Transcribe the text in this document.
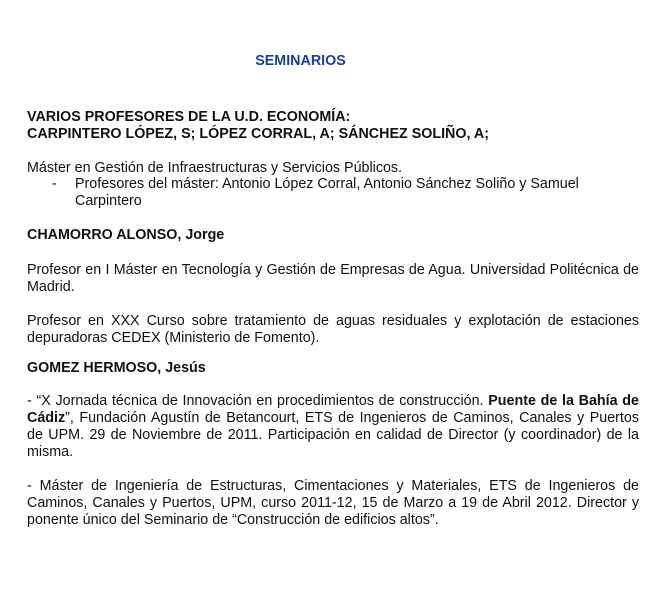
SEMINARIOS
VARIOS PROFESORES DE LA U.D. ECONOMÍA:
CARPINTERO LÓPEZ, S; LÓPEZ CORRAL, A; SÁNCHEZ SOLIÑO, A;
Máster en Gestión de Infraestructuras y Servicios Públicos.
- Profesores del máster: Antonio López Corral, Antonio Sánchez Soliño y Samuel Carpintero
CHAMORRO ALONSO, Jorge
Profesor en I Máster en Tecnología y Gestión de Empresas de Agua. Universidad Politécnica de Madrid.
Profesor en XXX Curso sobre tratamiento de aguas residuales y explotación de estaciones depuradoras CEDEX (Ministerio de Fomento).
GOMEZ HERMOSO, Jesús
- “X Jornada técnica de Innovación en procedimientos de construcción. Puente de la Bahía de Cádiz”, Fundación Agustín de Betancourt, ETS de Ingenieros de Caminos, Canales y Puertos de UPM. 29 de Noviembre de 2011. Participación en calidad de Director (y coordinador) de la misma.
- Máster de Ingeniería de Estructuras, Cimentaciones y Materiales, ETS de Ingenieros de Caminos, Canales y Puertos, UPM, curso 2011-12, 15 de Marzo a 19 de Abril 2012. Director y ponente único del Seminario de “Construcción de edificios altos”.
